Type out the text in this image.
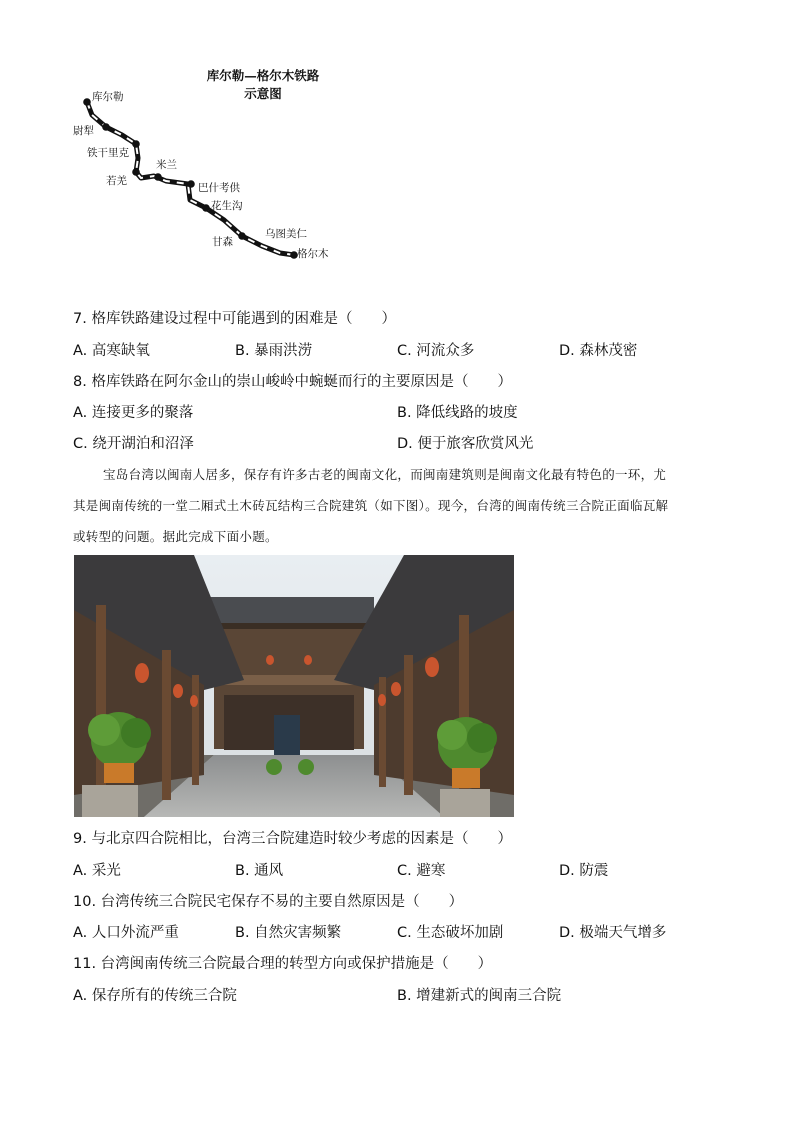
库尔勒—格尔木铁路
示意图
库尔勒
尉犁
铁干里克
若羌
米兰
巴什考供
花生沟
甘森
乌图美仁
格尔木
7. 格库铁路建设过程中可能遇到的困难是（　　）
A. 高寒缺氧	B. 暴雨洪涝	C. 河流众多	D. 森林茂密
8. 格库铁路在阿尔金山的崇山峻岭中蜿蜒而行的主要原因是（　　）
A. 连接更多的聚落	B. 降低线路的坡度
C. 绕开湖泊和沼泽	D. 便于旅客欣赏风光
宝岛台湾以闽南人居多，保存有许多古老的闽南文化，而闽南建筑则是闽南文化最有特色的一环，尤
其是闽南传统的一堂二厢式土木砖瓦结构三合院建筑（如下图）。现今，台湾的闽南传统三合院正面临瓦解
或转型的问题。据此完成下面小题。
9. 与北京四合院相比，台湾三合院建造时较少考虑的因素是（　　）
A. 采光	B. 通风	C. 避寒	D. 防震
10. 台湾传统三合院民宅保存不易的主要自然原因是（　　）
A. 人口外流严重	B. 自然灾害频繁	C. 生态破坏加剧	D. 极端天气增多
11. 台湾闽南传统三合院最合理的转型方向或保护措施是（　　）
A. 保存所有的传统三合院	B. 增建新式的闽南三合院
